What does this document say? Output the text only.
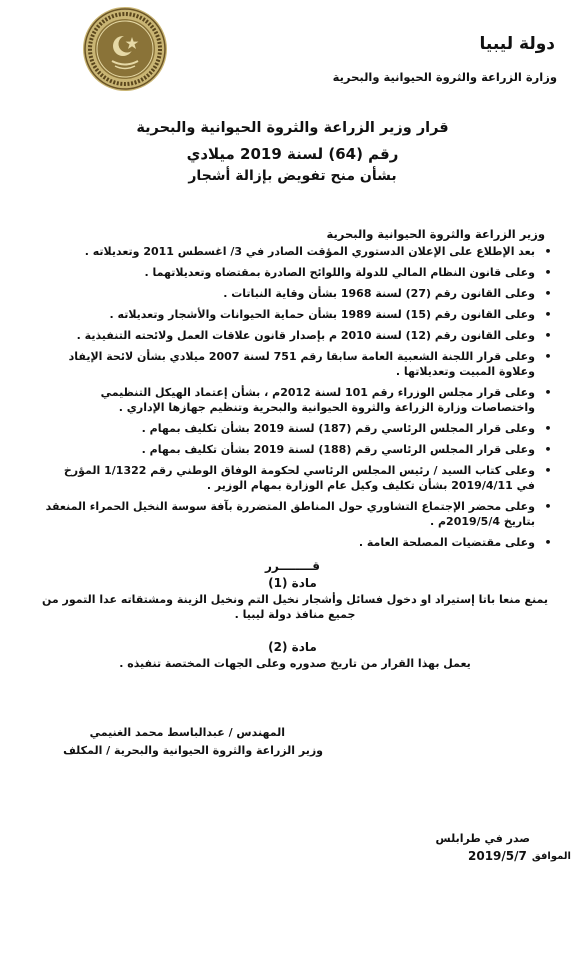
دولة ليبيا
وزارة الزراعة والثروة الحيوانية والبحرية
قرار وزير الزراعة والثروة الحيوانية والبحرية
رقم (64) لسنة 2019 ميلادي
بشأن منح تفويض بإزالة أشجار
وزير الزراعة والثروة الحيوانية والبحرية
•
بعد الإطلاع على الإعلان الدستوري المؤقت الصادر في 3/ اغسطس 2011 وتعديلاته .
•
وعلى قانون النظام المالي للدولة واللوائح الصادرة بمقتضاه وتعديلاتهما .
•
وعلى القانون رقم (27) لسنة 1968 بشأن وقاية النباتات .
•
وعلى القانون رقم (15) لسنة 1989 بشأن حماية الحيوانات والأشجار وتعديلاته .
•
وعلى القانون رقم (12) لسنة 2010 م بإصدار قانون علاقات العمل ولائحته التنفيذية .
•
وعلى قرار اللجنة الشعبية العامة سابقا رقم 751 لسنة 2007 ميلادي بشأن لائحة الإيفاد وعلاوة المبيت وتعديلاتها .
•
وعلى قرار مجلس الوزراء رقم 101 لسنة 2012م ، بشأن إعتماد الهيكل التنظيمي واختصاصات وزارة الزراعة والثروة الحيوانية والبحرية وتنظيم جهازها الإداري .
•
وعلى قرار المجلس الرئاسي رقم (187) لسنة 2019 بشأن تكليف بمهام .
•
وعلى قرار المجلس الرئاسي رقم (188) لسنة 2019 بشأن تكليف بمهام .
•
وعلى كتاب السيد / رئيس المجلس الرئاسي لحكومة الوفاق الوطني رقم 1/1322 المؤرخ في 2019/4/11 بشأن تكليف وكيل عام الوزارة بمهام الوزير .
•
وعلى محضر الإجتماع التشاوري حول المناطق المتضررة بآفة سوسة النخيل الحمراء المنعقد بتاريخ 2019/5/4م .
•
وعلى مقتضيات المصلحة العامة .
قــــــــرر
مادة (1)
يمنع منعا باتا إستيراد او دخول فسائل وأشجار نخيل التم ونخيل الزينة ومشتقاته عدا التمور من جميع منافذ دولة ليبيا .
مادة (2)
يعمل بهذا القرار من تاريخ صدوره وعلى الجهات المختصة تنفيذه .
المهندس / عبدالباسط محمد الغنيمي
وزير الزراعة والثروة الحيوانية والبحرية / المكلف
صدر في طرابلس
2019/5/7 الموافق
